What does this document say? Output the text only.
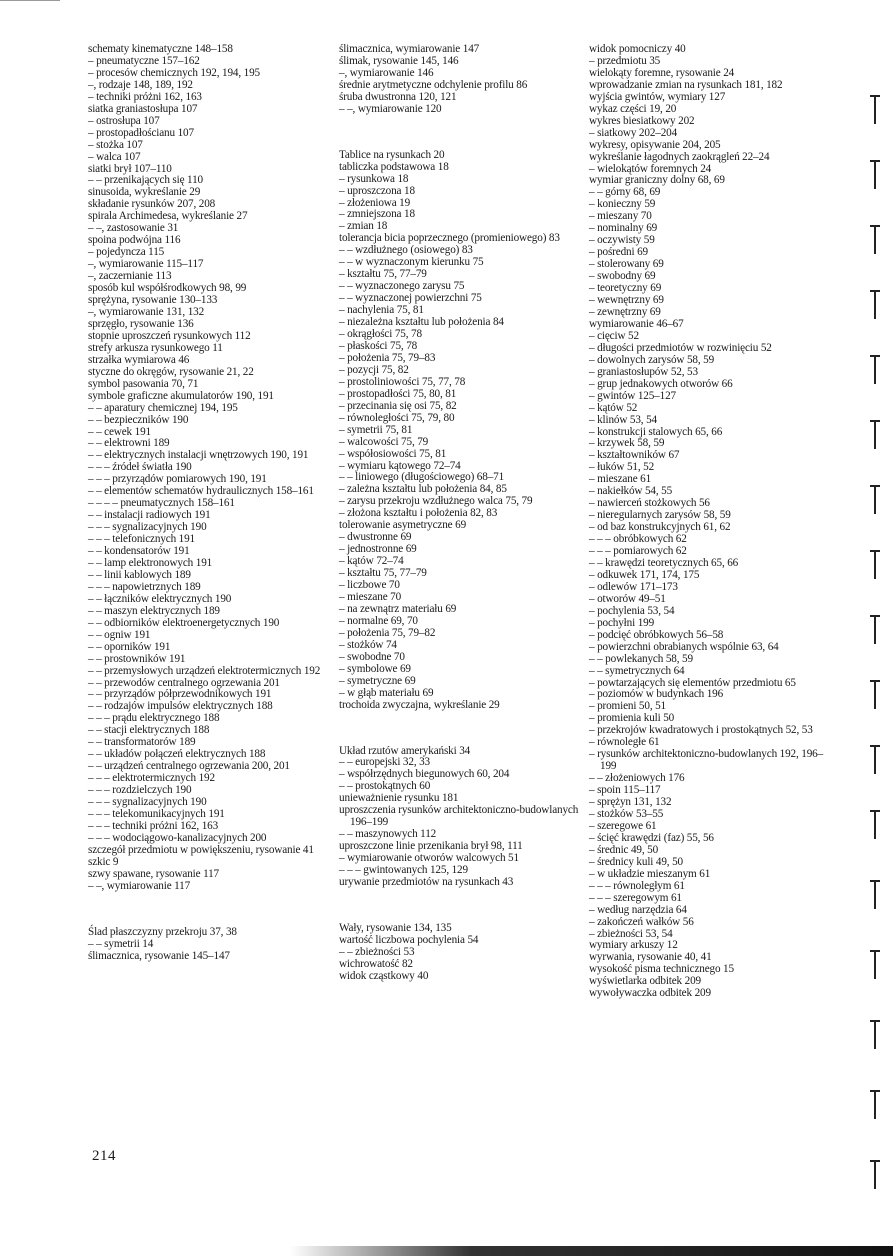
schematy kinematyczne 148–158
– pneumatyczne 157–162
– procesów chemicznych 192, 194, 195
–, rodzaje 148, 189, 192
– techniki próżni 162, 163
siatka graniastosłupa 107
– ostrosłupa 107
– prostopadłościanu 107
– stożka 107
– walca 107
siatki brył 107–110
– – przenikających się 110
sinusoida, wykreślanie 29
składanie rysunków 207, 208
spirala Archimedesa, wykreślanie 27
– –, zastosowanie 31
spoina podwójna 116
– pojedyncza 115
–, wymiarowanie 115–117
–, zaczernianie 113
sposób kul współśrodkowych 98, 99
sprężyna, rysowanie 130–133
–, wymiarowanie 131, 132
sprzęgło, rysowanie 136
stopnie uproszczeń rysunkowych 112
strefy arkusza rysunkowego 11
strzałka wymiarowa 46
styczne do okręgów, rysowanie 21, 22
symbol pasowania 70, 71
symbole graficzne akumulatorów 190, 191
– – aparatury chemicznej 194, 195
– – bezpieczników 190
– – cewek 191
– – elektrowni 189
– – elektrycznych instalacji wnętrzowych 190, 191
– – – źródeł światła 190
– – – przyrządów pomiarowych 190, 191
– – elementów schematów hydraulicznych 158–161
– – – – pneumatycznych 158–161
– – instalacji radiowych 191
– – – sygnalizacyjnych 190
– – – telefonicznych 191
– – kondensatorów 191
– – lamp elektronowych 191
– – linii kablowych 189
– – – napowietrznych 189
– – łączników elektrycznych 190
– – maszyn elektrycznych 189
– – odbiorników elektroenergetycznych 190
– – ogniw 191
– – oporników 191
– – prostowników 191
– – przemysłowych urządzeń elektrotermicznych 192
– – przewodów centralnego ogrzewania 201
– – przyrządów półprzewodnikowych 191
– – rodzajów impulsów elektrycznych 188
– – – prądu elektrycznego 188
– – stacji elektrycznych 188
– – transformatorów 189
– – układów połączeń elektrycznych 188
– – urządzeń centralnego ogrzewania 200, 201
– – – elektrotermicznych 192
– – – rozdzielczych 190
– – – sygnalizacyjnych 190
– – – telekomunikacyjnych 191
– – – techniki próżni 162, 163
– – – wodociągowo-kanalizacyjnych 200
szczegół przedmiotu w powiększeniu, rysowanie 41
szkic 9
szwy spawane, rysowanie 117
– –, wymiarowanie 117
Ślad płaszczyzny przekroju 37, 38
– – symetrii 14
ślimacznica, rysowanie 145–147
ślimacznica, wymiarowanie 147
ślimak, rysowanie 145, 146
–, wymiarowanie 146
średnie arytmetyczne odchylenie profilu 86
śruba dwustronna 120, 121
– –, wymiarowanie 120
Tablice na rysunkach 20
tabliczka podstawowa 18
– rysunkowa 18
– uproszczona 18
– złożeniowa 19
– zmniejszona 18
– zmian 18
tolerancja bicia poprzecznego (promieniowego) 83
– – wzdłużnego (osiowego) 83
– – w wyznaczonym kierunku 75
– kształtu 75, 77–79
– – wyznaczonego zarysu 75
– – wyznaczonej powierzchni 75
– nachylenia 75, 81
– niezależna kształtu lub położenia 84
– okrągłości 75, 78
– płaskości 75, 78
– położenia 75, 79–83
– pozycji 75, 82
– prostoliniowości 75, 77, 78
– prostopadłości 75, 80, 81
– przecinania się osi 75, 82
– równoległości 75, 79, 80
– symetrii 75, 81
– walcowości 75, 79
– współosiowości 75, 81
– wymiaru kątowego 72–74
– – liniowego (długościowego) 68–71
– zależna kształtu lub położenia 84, 85
– zarysu przekroju wzdłużnego walca 75, 79
– złożona kształtu i położenia 82, 83
tolerowanie asymetryczne 69
– dwustronne 69
– jednostronne 69
– kątów 72–74
– kształtu 75, 77–79
– liczbowe 70
– mieszane 70
– na zewnątrz materiału 69
– normalne 69, 70
– położenia 75, 79–82
– stożków 74
– swobodne 70
– symbolowe 69
– symetryczne 69
– w głąb materiału 69
trochoida zwyczajna, wykreślanie 29
Układ rzutów amerykański 34
– – europejski 32, 33
– współrzędnych biegunowych 60, 204
– – prostokątnych 60
unieważnienie rysunku 181
uproszczenia rysunków architektoniczno-budowlanych 196–199
– – maszynowych 112
uproszczone linie przenikania brył 98, 111
– wymiarowanie otworów walcowych 51
– – – gwintowanych 125, 129
urywanie przedmiotów na rysunkach 43
Wały, rysowanie 134, 135
wartość liczbowa pochylenia 54
– – zbieżności 53
wichrowatość 82
widok cząstkowy 40
widok pomocniczy 40
– przedmiotu 35
wielokąty foremne, rysowanie 24
wprowadzanie zmian na rysunkach 181, 182
wyjścia gwintów, wymiary 127
wykaz części 19, 20
wykres biesiatkowy 202
– siatkowy 202–204
wykresy, opisywanie 204, 205
wykreślanie łagodnych zaokrągleń 22–24
– wielokątów foremnych 24
wymiar graniczny dolny 68, 69
– – górny 68, 69
– konieczny 59
– mieszany 70
– nominalny 69
– oczywisty 59
– pośredni 69
– stolerowany 69
– swobodny 69
– teoretyczny 69
– wewnętrzny 69
– zewnętrzny 69
wymiarowanie 46–67
– cięciw 52
– długości przedmiotów w rozwinięciu 52
– dowolnych zarysów 58, 59
– graniastosłupów 52, 53
– grup jednakowych otworów 66
– gwintów 125–127
– kątów 52
– klinów 53, 54
– konstrukcji stalowych 65, 66
– krzywek 58, 59
– kształtowników 67
– łuków 51, 52
– mieszane 61
– nakiełków 54, 55
– nawierceń stożkowych 56
– nieregularnych zarysów 58, 59
– od baz konstrukcyjnych 61, 62
– – – obróbkowych 62
– – – pomiarowych 62
– – krawędzi teoretycznych 65, 66
– odkuwek 171, 174, 175
– odlewów 171–173
– otworów 49–51
– pochylenia 53, 54
– pochyłni 199
– podcięć obróbkowych 56–58
– powierzchni obrabianych wspólnie 63, 64
– – powlekanych 58, 59
– – symetrycznych 64
– powtarzających się elementów przedmiotu 65
– poziomów w budynkach 196
– promieni 50, 51
– promienia kuli 50
– przekrojów kwadratowych i prostokątnych 52, 53
– równoległe 61
– rysunków architektoniczno-budowlanych 192, 196–199
– – złożeniowych 176
– spoin 115–117
– sprężyn 131, 132
– stożków 53–55
– szeregowe 61
– ścięć krawędzi (faz) 55, 56
– średnic 49, 50
– średnicy kuli 49, 50
– w układzie mieszanym 61
– – – równoległym 61
– – – szeregowym 61
– według narzędzia 64
– zakończeń wałków 56
– zbieżności 53, 54
wymiary arkuszy 12
wyrwania, rysowanie 40, 41
wysokość pisma technicznego 15
wyświetlarka odbitek 209
wywoływaczka odbitek 209
214
